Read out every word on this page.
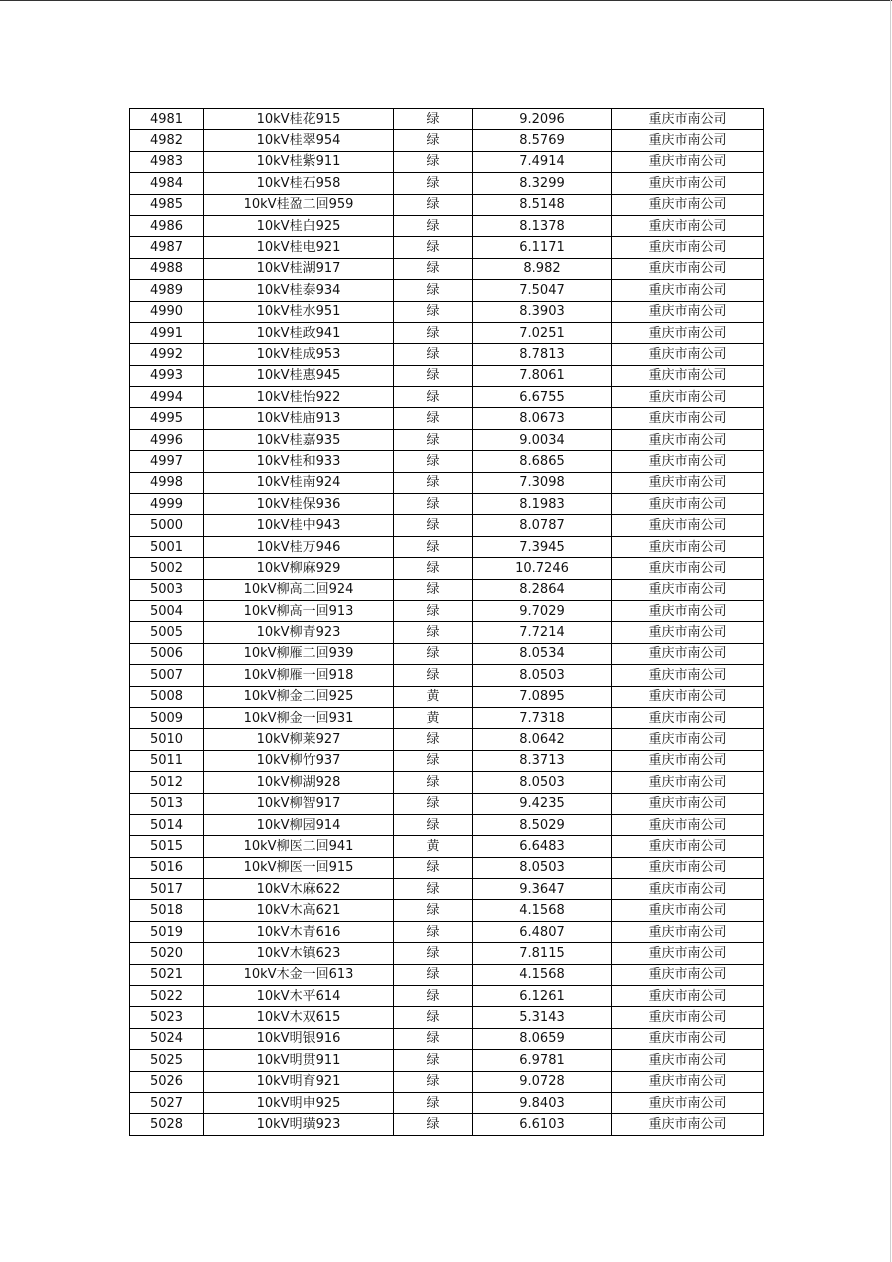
4981	10kV桂花915	绿	9.2096	重庆市南公司
4982	10kV桂翠954	绿	8.5769	重庆市南公司
4983	10kV桂紫911	绿	7.4914	重庆市南公司
4984	10kV桂石958	绿	8.3299	重庆市南公司
4985	10kV桂盈二回959	绿	8.5148	重庆市南公司
4986	10kV桂白925	绿	8.1378	重庆市南公司
4987	10kV桂电921	绿	6.1171	重庆市南公司
4988	10kV桂湖917	绿	8.982	重庆市南公司
4989	10kV桂泰934	绿	7.5047	重庆市南公司
4990	10kV桂水951	绿	8.3903	重庆市南公司
4991	10kV桂政941	绿	7.0251	重庆市南公司
4992	10kV桂成953	绿	8.7813	重庆市南公司
4993	10kV桂惠945	绿	7.8061	重庆市南公司
4994	10kV桂怡922	绿	6.6755	重庆市南公司
4995	10kV桂庙913	绿	8.0673	重庆市南公司
4996	10kV桂嘉935	绿	9.0034	重庆市南公司
4997	10kV桂和933	绿	8.6865	重庆市南公司
4998	10kV桂南924	绿	7.3098	重庆市南公司
4999	10kV桂保936	绿	8.1983	重庆市南公司
5000	10kV桂中943	绿	8.0787	重庆市南公司
5001	10kV桂万946	绿	7.3945	重庆市南公司
5002	10kV柳麻929	绿	10.7246	重庆市南公司
5003	10kV柳高二回924	绿	8.2864	重庆市南公司
5004	10kV柳高一回913	绿	9.7029	重庆市南公司
5005	10kV柳青923	绿	7.7214	重庆市南公司
5006	10kV柳雁二回939	绿	8.0534	重庆市南公司
5007	10kV柳雁一回918	绿	8.0503	重庆市南公司
5008	10kV柳金二回925	黄	7.0895	重庆市南公司
5009	10kV柳金一回931	黄	7.7318	重庆市南公司
5010	10kV柳莱927	绿	8.0642	重庆市南公司
5011	10kV柳竹937	绿	8.3713	重庆市南公司
5012	10kV柳湖928	绿	8.0503	重庆市南公司
5013	10kV柳智917	绿	9.4235	重庆市南公司
5014	10kV柳园914	绿	8.5029	重庆市南公司
5015	10kV柳医二回941	黄	6.6483	重庆市南公司
5016	10kV柳医一回915	绿	8.0503	重庆市南公司
5017	10kV木麻622	绿	9.3647	重庆市南公司
5018	10kV木高621	绿	4.1568	重庆市南公司
5019	10kV木青616	绿	6.4807	重庆市南公司
5020	10kV木镇623	绿	7.8115	重庆市南公司
5021	10kV木金一回613	绿	4.1568	重庆市南公司
5022	10kV木平614	绿	6.1261	重庆市南公司
5023	10kV木双615	绿	5.3143	重庆市南公司
5024	10kV明银916	绿	8.0659	重庆市南公司
5025	10kV明贯911	绿	6.9781	重庆市南公司
5026	10kV明育921	绿	9.0728	重庆市南公司
5027	10kV明申925	绿	9.8403	重庆市南公司
5028	10kV明璜923	绿	6.6103	重庆市南公司
